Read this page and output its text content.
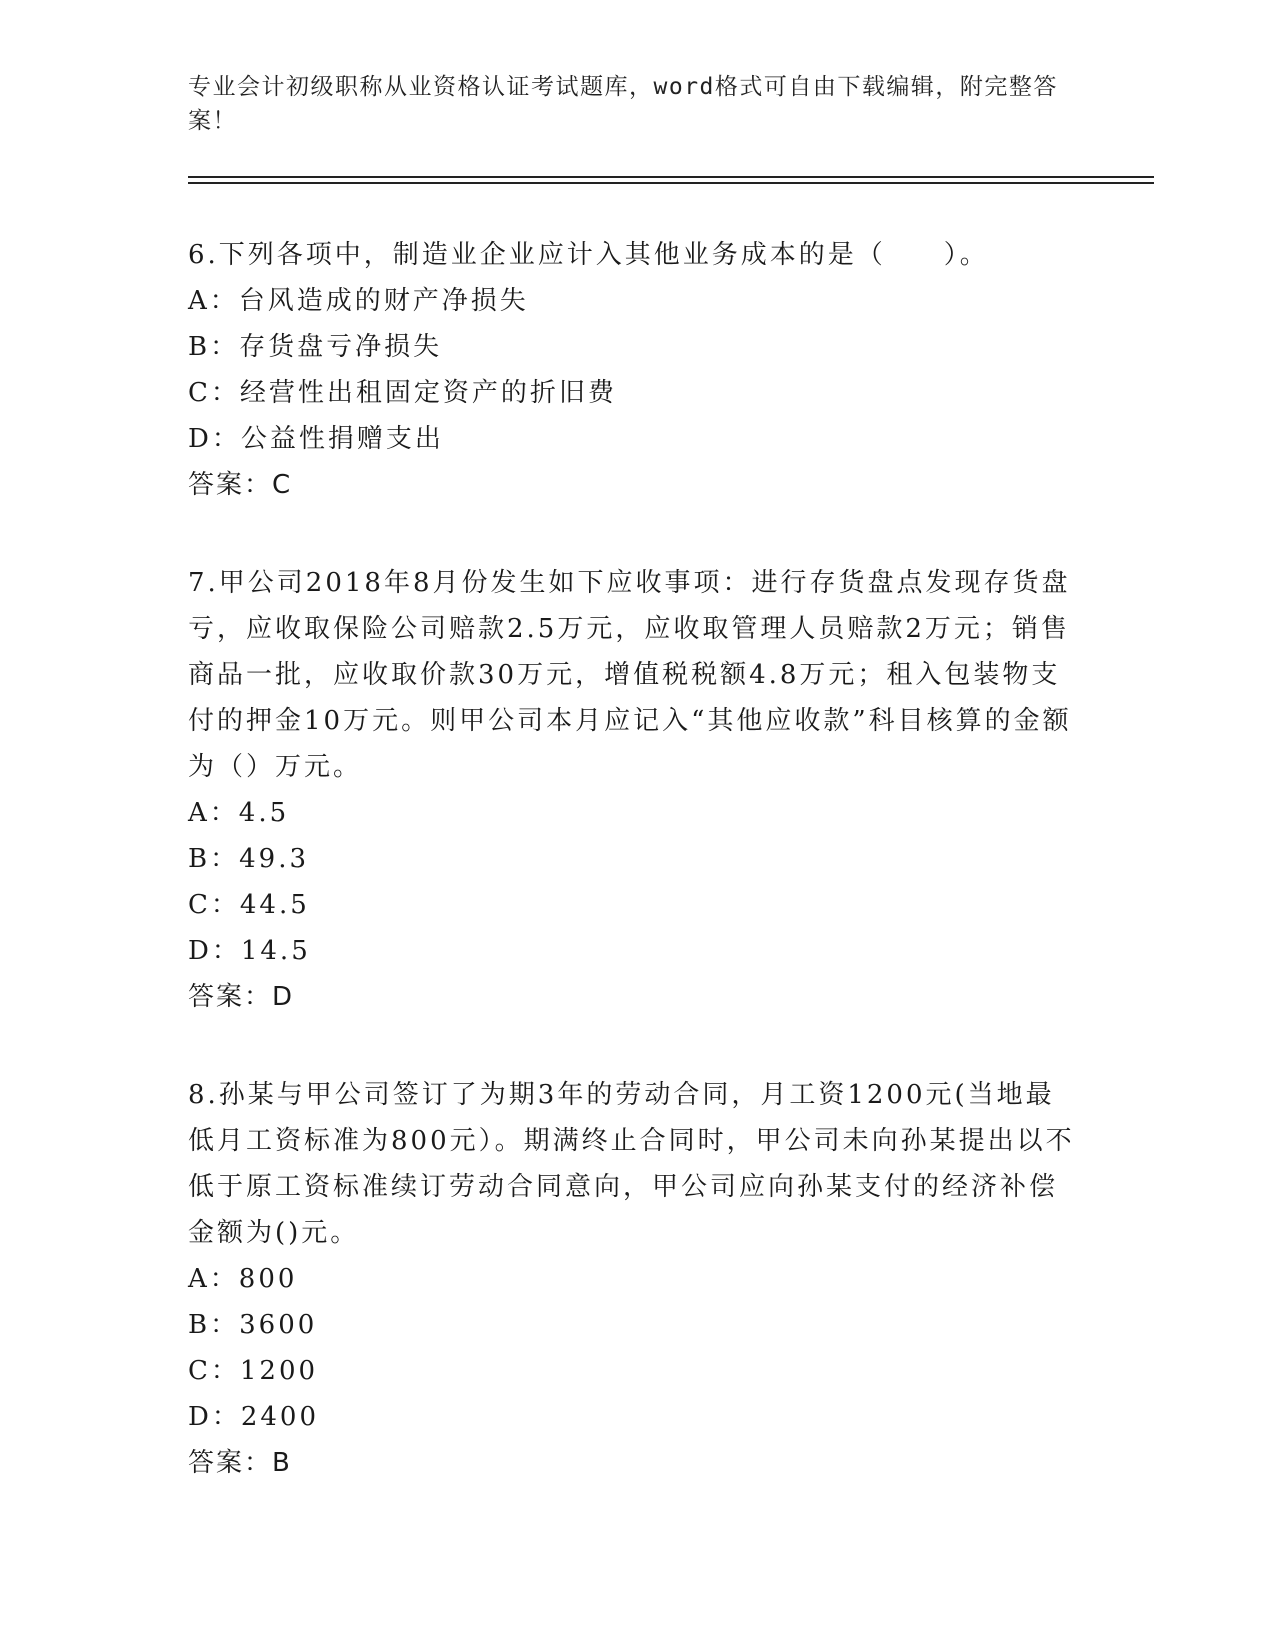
专业会计初级职称从业资格认证考试题库，word格式可自由下载编辑，附完整答案！

6.下列各项中，制造业企业应计入其他业务成本的是（　　）。

A：台风造成的财产净损失

B：存货盘亏净损失

C：经营性出租固定资产的折旧费

D：公益性捐赠支出

答案：C

7.甲公司2018年8月份发生如下应收事项：进行存货盘点发现存货盘亏，应收取保险公司赔款2.5万元，应收取管理人员赔款2万元；销售商品一批，应收取价款30万元，增值税税额4.8万元；租入包装物支付的押金10万元。则甲公司本月应记入“其他应收款”科目核算的金额为（）万元。

A：4.5

B：49.3

C：44.5

D：14.5

答案：D

8.孙某与甲公司签订了为期3年的劳动合同，月工资1200元(当地最低月工资标准为800元）。期满终止合同时，甲公司未向孙某提出以不低于原工资标准续订劳动合同意向，甲公司应向孙某支付的经济补偿金额为()元。

A：800

B：3600

C：1200

D：2400

答案：B
